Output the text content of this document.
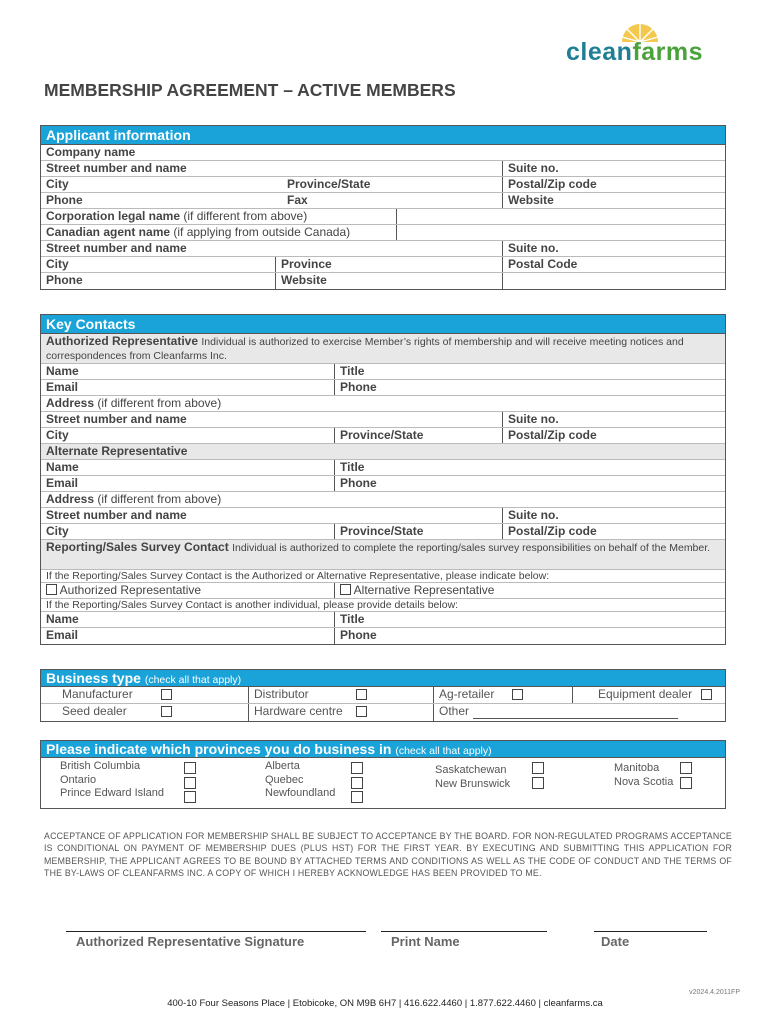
cleanfarms
MEMBERSHIP AGREEMENT – ACTIVE MEMBERS
Applicant information
Company name
Street number and name	Suite no.
City	Province/State	Postal/Zip code
Phone	Fax	Website
Corporation legal name (if different from above)
Canadian agent name (if applying from outside Canada)
Street number and name	Suite no.
City	Province	Postal Code
Phone	Website
Key Contacts
Authorized Representative Individual is authorized to exercise Member’s rights of membership and will receive meeting notices and correspondences from Cleanfarms Inc.
Name	Title
Email	Phone
Address (if different from above)
Street number and name	Suite no.
City	Province/State	Postal/Zip code
Alternate Representative
Name	Title
Email	Phone
Address (if different from above)
Street number and name	Suite no.
City	Province/State	Postal/Zip code
Reporting/Sales Survey Contact Individual is authorized to complete the reporting/sales survey responsibilities on behalf of the Member.
If the Reporting/Sales Survey Contact is the Authorized or Alternative Representative, please indicate below:
Authorized Representative	Alternative Representative
If the Reporting/Sales Survey Contact is another individual, please provide details below:
Name	Title
Email	Phone
Business type (check all that apply)
Manufacturer	Distributor	Ag-retailer	Equipment dealer
Seed dealer	Hardware centre	Other
Please indicate which provinces you do business in (check all that apply)
British Columbia
Ontario
Prince Edward Island
Alberta
Quebec
Newfoundland
Saskatchewan
New Brunswick
Manitoba
Nova Scotia
ACCEPTANCE OF APPLICATION FOR MEMBERSHIP SHALL BE SUBJECT TO ACCEPTANCE BY THE BOARD. FOR NON-REGULATED PROGRAMS ACCEPTANCE IS CONDITIONAL ON PAYMENT OF MEMBERSHIP DUES (PLUS HST) FOR THE FIRST YEAR. BY EXECUTING AND SUBMITTING THIS APPLICATION FOR MEMBERSHIP, THE APPLICANT AGREES TO BE BOUND BY ATTACHED TERMS AND CONDITIONS AS WELL AS THE CODE OF CONDUCT AND THE TERMS OF THE BY-LAWS OF CLEANFARMS INC. A COPY OF WHICH I HEREBY ACKNOWLEDGE HAS BEEN PROVIDED TO ME.
Authorized Representative Signature	Print Name	Date
v2024.4.2011FP
400-10 Four Seasons Place | Etobicoke, ON M9B 6H7 | 416.622.4460 | 1.877.622.4460 | cleanfarms.ca
